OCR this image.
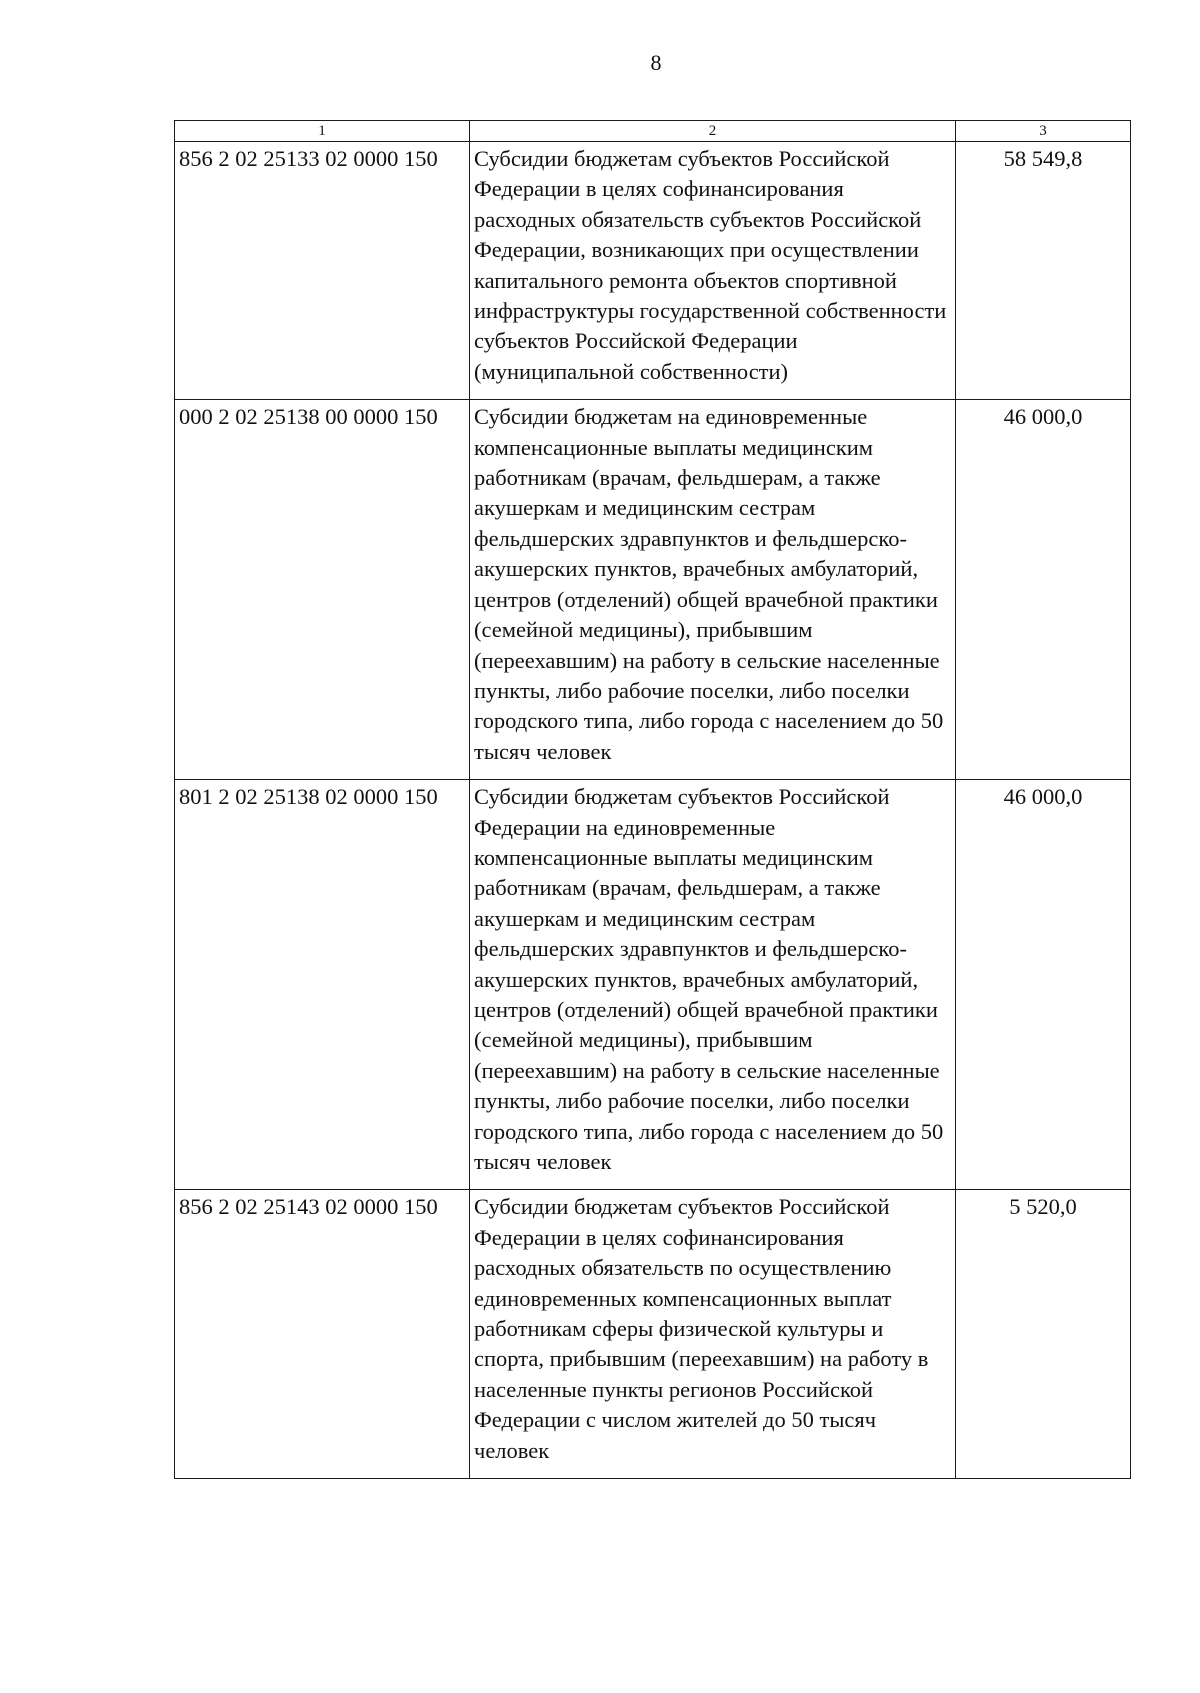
8
1	2	3
856 2 02 25133 02 0000 150	Субсидии бюджетам субъектов Российской Федерации в целях софинансирования расходных обязательств субъектов Российской Федерации, возникающих при осуществлении капитального ремонта объектов спортивной инфраструктуры государственной собственности субъектов Российской Федерации (муниципальной собственности)	58 549,8
000 2 02 25138 00 0000 150	Субсидии бюджетам на единовременные компенсационные выплаты медицинским работникам (врачам, фельдшерам, а также акушеркам и медицинским сестрам фельдшерских здравпунктов и фельдшерско-акушерских пунктов, врачебных амбулаторий, центров (отделений) общей врачебной практики (семейной медицины), прибывшим (переехавшим) на работу в сельские населенные пункты, либо рабочие поселки, либо поселки городского типа, либо города с населением до 50 тысяч человек	46 000,0
801 2 02 25138 02 0000 150	Субсидии бюджетам субъектов Российской Федерации на единовременные компенсационные выплаты медицинским работникам (врачам, фельдшерам, а также акушеркам и медицинским сестрам фельдшерских здравпунктов и фельдшерско-акушерских пунктов, врачебных амбулаторий, центров (отделений) общей врачебной практики (семейной медицины), прибывшим (переехавшим) на работу в сельские населенные пункты, либо рабочие поселки, либо поселки городского типа, либо города с населением до 50 тысяч человек	46 000,0
856 2 02 25143 02 0000 150	Субсидии бюджетам субъектов Российской Федерации в целях софинансирования расходных обязательств по осуществлению единовременных компенсационных выплат работникам сферы физической культуры и спорта, прибывшим (переехавшим) на работу в населенные пункты регионов Российской Федерации с числом жителей до 50 тысяч человек	5 520,0
